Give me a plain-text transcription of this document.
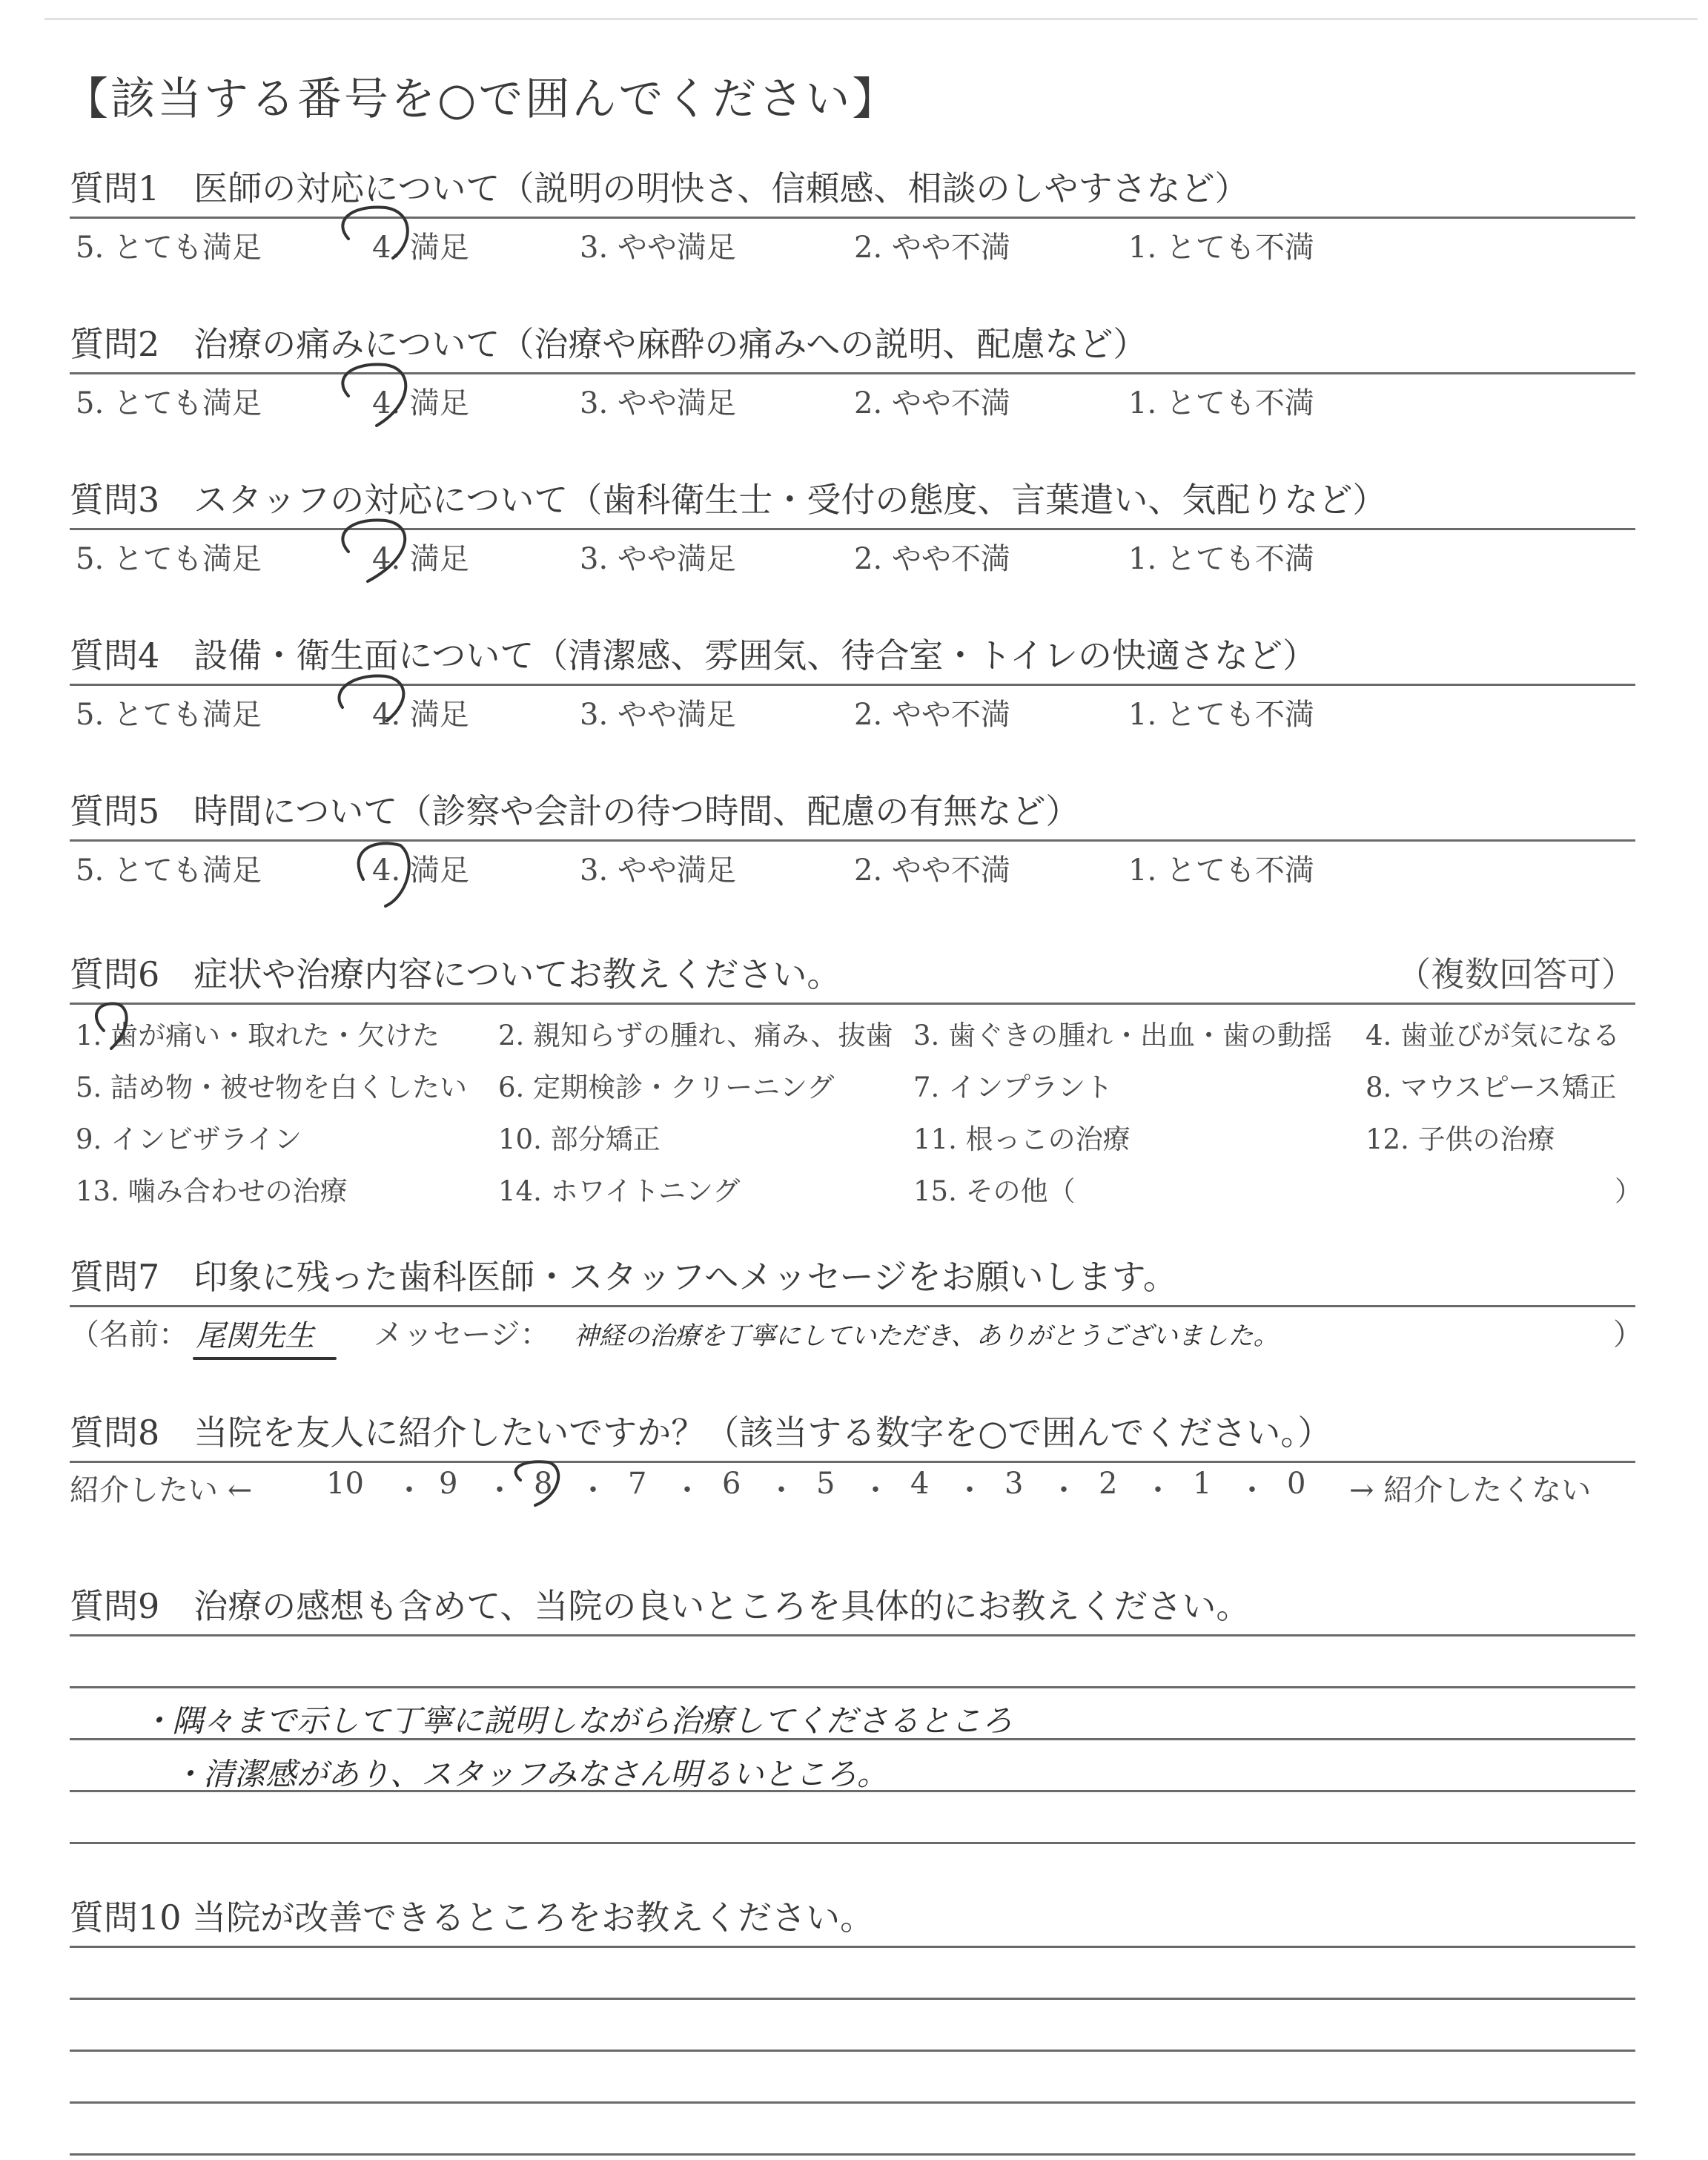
【該当する番号を○で囲んでください】
質問1　医師の対応について（説明の明快さ、信頼感、相談のしやすさなど）
5. とても満足	4. 満足	3. やや満足	2. やや不満	1. とても不満
質問2　治療の痛みについて（治療や麻酔の痛みへの説明、配慮など）
5. とても満足	4. 満足	3. やや満足	2. やや不満	1. とても不満
質問3　スタッフの対応について（歯科衛生士・受付の態度、言葉遣い、気配りなど）
5. とても満足	4. 満足	3. やや満足	2. やや不満	1. とても不満
質問4　設備・衛生面について（清潔感、雰囲気、待合室・トイレの快適さなど）
5. とても満足	4. 満足	3. やや満足	2. やや不満	1. とても不満
質問5　時間について（診察や会計の待つ時間、配慮の有無など）
5. とても満足	4. 満足	3. やや満足	2. やや不満	1. とても不満
質問6　症状や治療内容についてお教えください。	（複数回答可）
1. 歯が痛い・取れた・欠けた 2. 親知らずの腫れ、痛み、抜歯 3. 歯ぐきの腫れ・出血・歯の動揺 4. 歯並びが気になる
5. 詰め物・被せ物を白くしたい 6. 定期検診・クリーニング	7. インプラント	8. マウスピース矯正
9. インビザライン	10. 部分矯正	11. 根っこの治療	12. 子供の治療
13. 噛み合わせの治療	14. ホワイトニング	15. その他（	）
質問7　印象に残った歯科医師・スタッフへメッセージをお願いします。
（名前： 尾関先生 メッセージ： 神経の治療を丁寧にしていただき、ありがとうございました。	）
質問8　当院を友人に紹介したいですか？（該当する数字を○で囲んでください。）
紹介したい ← 10	9	8	7	6	5	4	3	2	1	0
・
・	・ ・ ・ ・ ・ ・ ・ ・	→ 紹介したくない
質問9　治療の感想も含めて、当院の良いところを具体的にお教えください。
・隅々まで示して丁寧に説明しながら治療してくださるところ
・清潔感があり、スタッフみなさん明るいところ。
質問10 当院が改善できるところをお教えください。
